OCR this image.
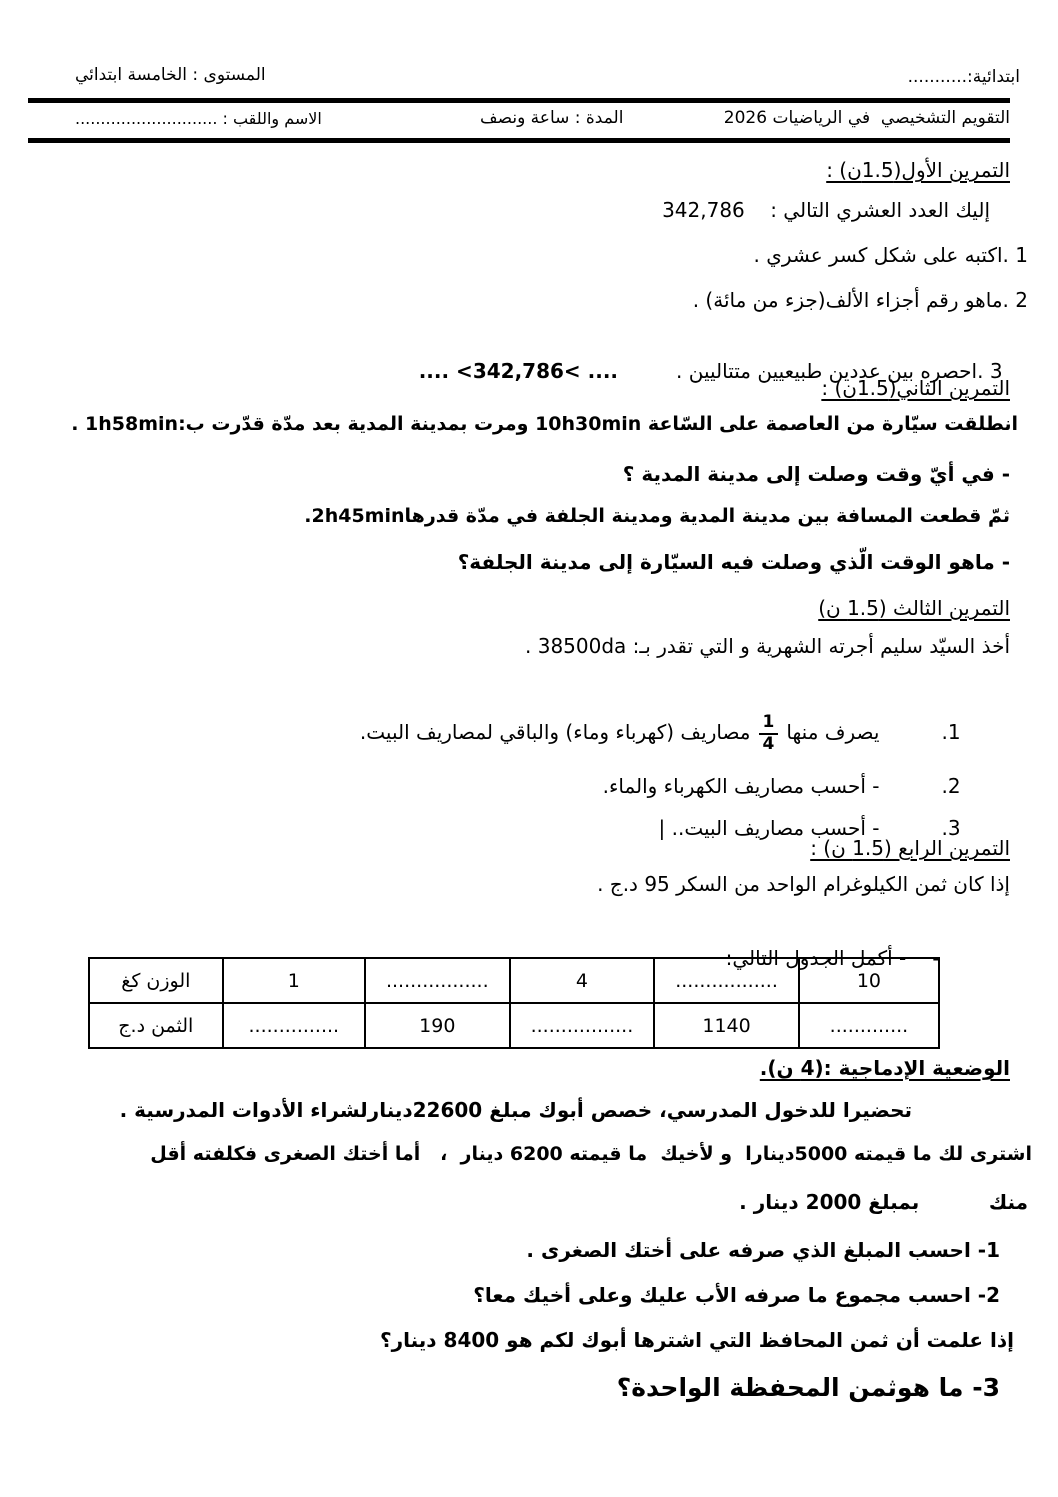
ابتدائية:...........

المستوى : الخامسة ابتدائي

التقويم التشخيصي  في الرياضيات 2026

المدة : ساعة ونصف

الاسم واللقب : ............................

التمرين الأول(1.5ن) :

إليك العدد العشري التالي :    342,786

1 .اكتبه على شكل كسر عشري .

2 .ماهو رقم أجزاء الألف(جزء من مائة) .

3 .احصره بين عددين طبيعيين متتاليين ..... <342,786< ....

التمرين الثاني(1.5ن) :

انطلقت سيّارة من العاصمة على السّاعة 10h30min ومرت بمدينة المدية بعد مدّة قدّرت ب:1h58min .

- في أيّ وقت وصلت إلى مدينة المدية ؟

ثمّ قطعت المسافة بين مدينة المدية ومدينة الجلفة في مدّة قدرها2h45min.

- ماهو الوقت الّذي وصلت فيه السيّارة إلى مدينة الجلفة؟

التمرين الثالث (1.5 ن)

أخذ السيّد سليم أجرته الشهرية و التي تقدر بـ: 38500da .

1.يصرف منها
$\frac{1}{4}$
مصاريف (كهرباء وماء) والباقي لمصاريف البيت.

2.- أحسب مصاريف الكهرباء والماء.

3.- أحسب مصاريف البيت.. |

التمرين الرابع (1.5 ن) :

إذا كان ثمن الكيلوغرام الواحد من السكر 95 د.ج .

-- أكمل الجدول التالي:

الوزن كغ	1	.................	4	.................	10
الثمن د.ج	...............	190	.................	1140	.............

الوضعية الإدماجية :(4 ن).

تحضيرا للدخول المدرسي، خصص أبوك مبلغ 22600دينارلشراء الأدوات المدرسية .

اشترى لك ما قيمته 5000دينارا  و لأخيك  ما قيمته 6200 دينار  ،   أما أختك الصغرى فكلفته أقل

منك          بمبلغ 2000 دينار .

1- احسب المبلغ الذي صرفه على أختك الصغرى .

2- احسب مجموع ما صرفه الأب عليك وعلى أخيك معا؟

إذا علمت أن ثمن المحافظ التي اشترها أبوك لكم هو 8400 دينار؟

3- ما هوثمن المحفظة الواحدة؟
